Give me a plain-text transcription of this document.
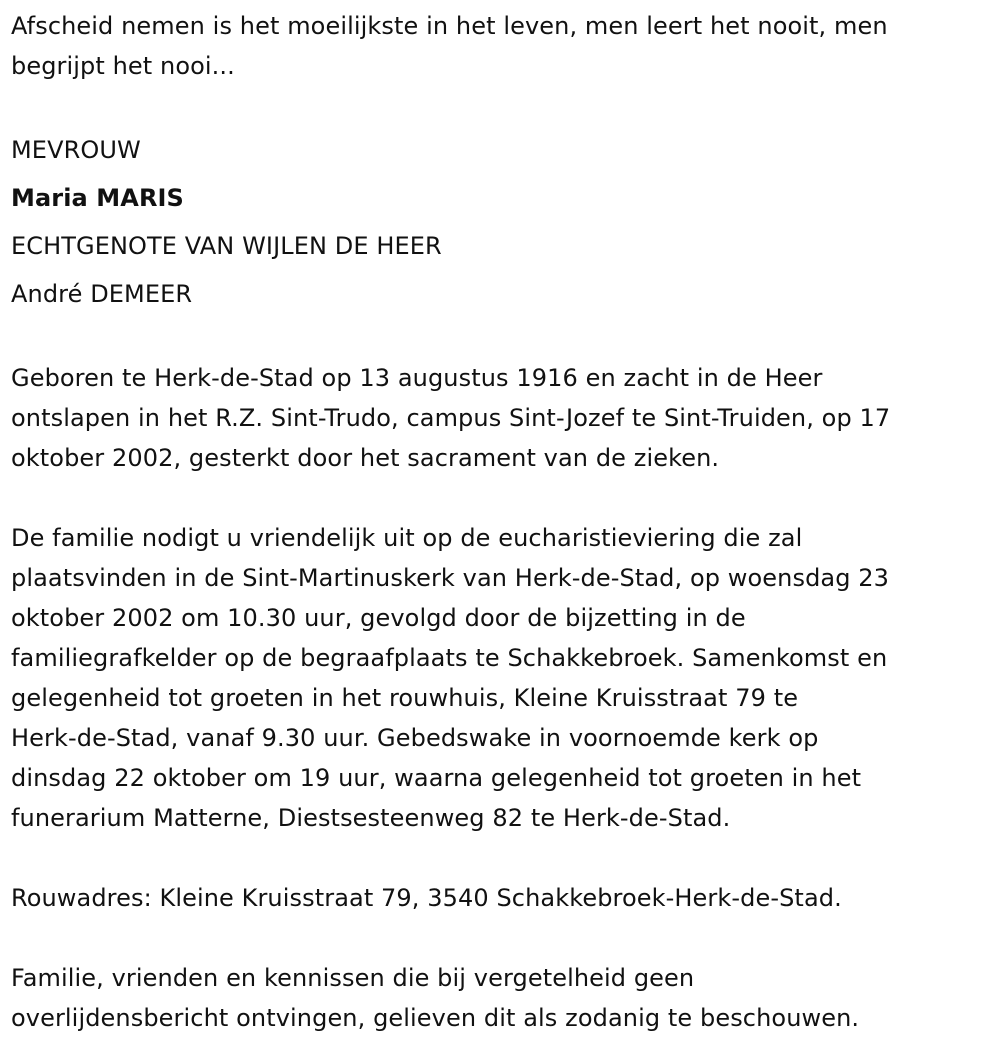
Afscheid nemen is het moeilijkste in het leven, men leert het nooit, men
begrijpt het nooi...
MEVROUW
Maria MARIS
ECHTGENOTE VAN WIJLEN DE HEER
André DEMEER
Geboren te Herk-de-Stad op 13 augustus 1916 en zacht in de Heer
ontslapen in het R.Z. Sint-Trudo, campus Sint-Jozef te Sint-Truiden, op 17
oktober 2002, gesterkt door het sacrament van de zieken.
De familie nodigt u vriendelijk uit op de eucharistieviering die zal
plaatsvinden in de Sint-Martinuskerk van Herk-de-Stad, op woensdag 23
oktober 2002 om 10.30 uur, gevolgd door de bijzetting in de
familiegrafkelder op de begraafplaats te Schakkebroek. Samenkomst en
gelegenheid tot groeten in het rouwhuis, Kleine Kruisstraat 79 te
Herk-de-Stad, vanaf 9.30 uur. Gebedswake in voornoemde kerk op
dinsdag 22 oktober om 19 uur, waarna gelegenheid tot groeten in het
funerarium Matterne, Diestsesteenweg 82 te Herk-de-Stad.
Rouwadres: Kleine Kruisstraat 79, 3540 Schakkebroek-Herk-de-Stad.
Familie, vrienden en kennissen die bij vergetelheid geen
overlijdensbericht ontvingen, gelieven dit als zodanig te beschouwen.
